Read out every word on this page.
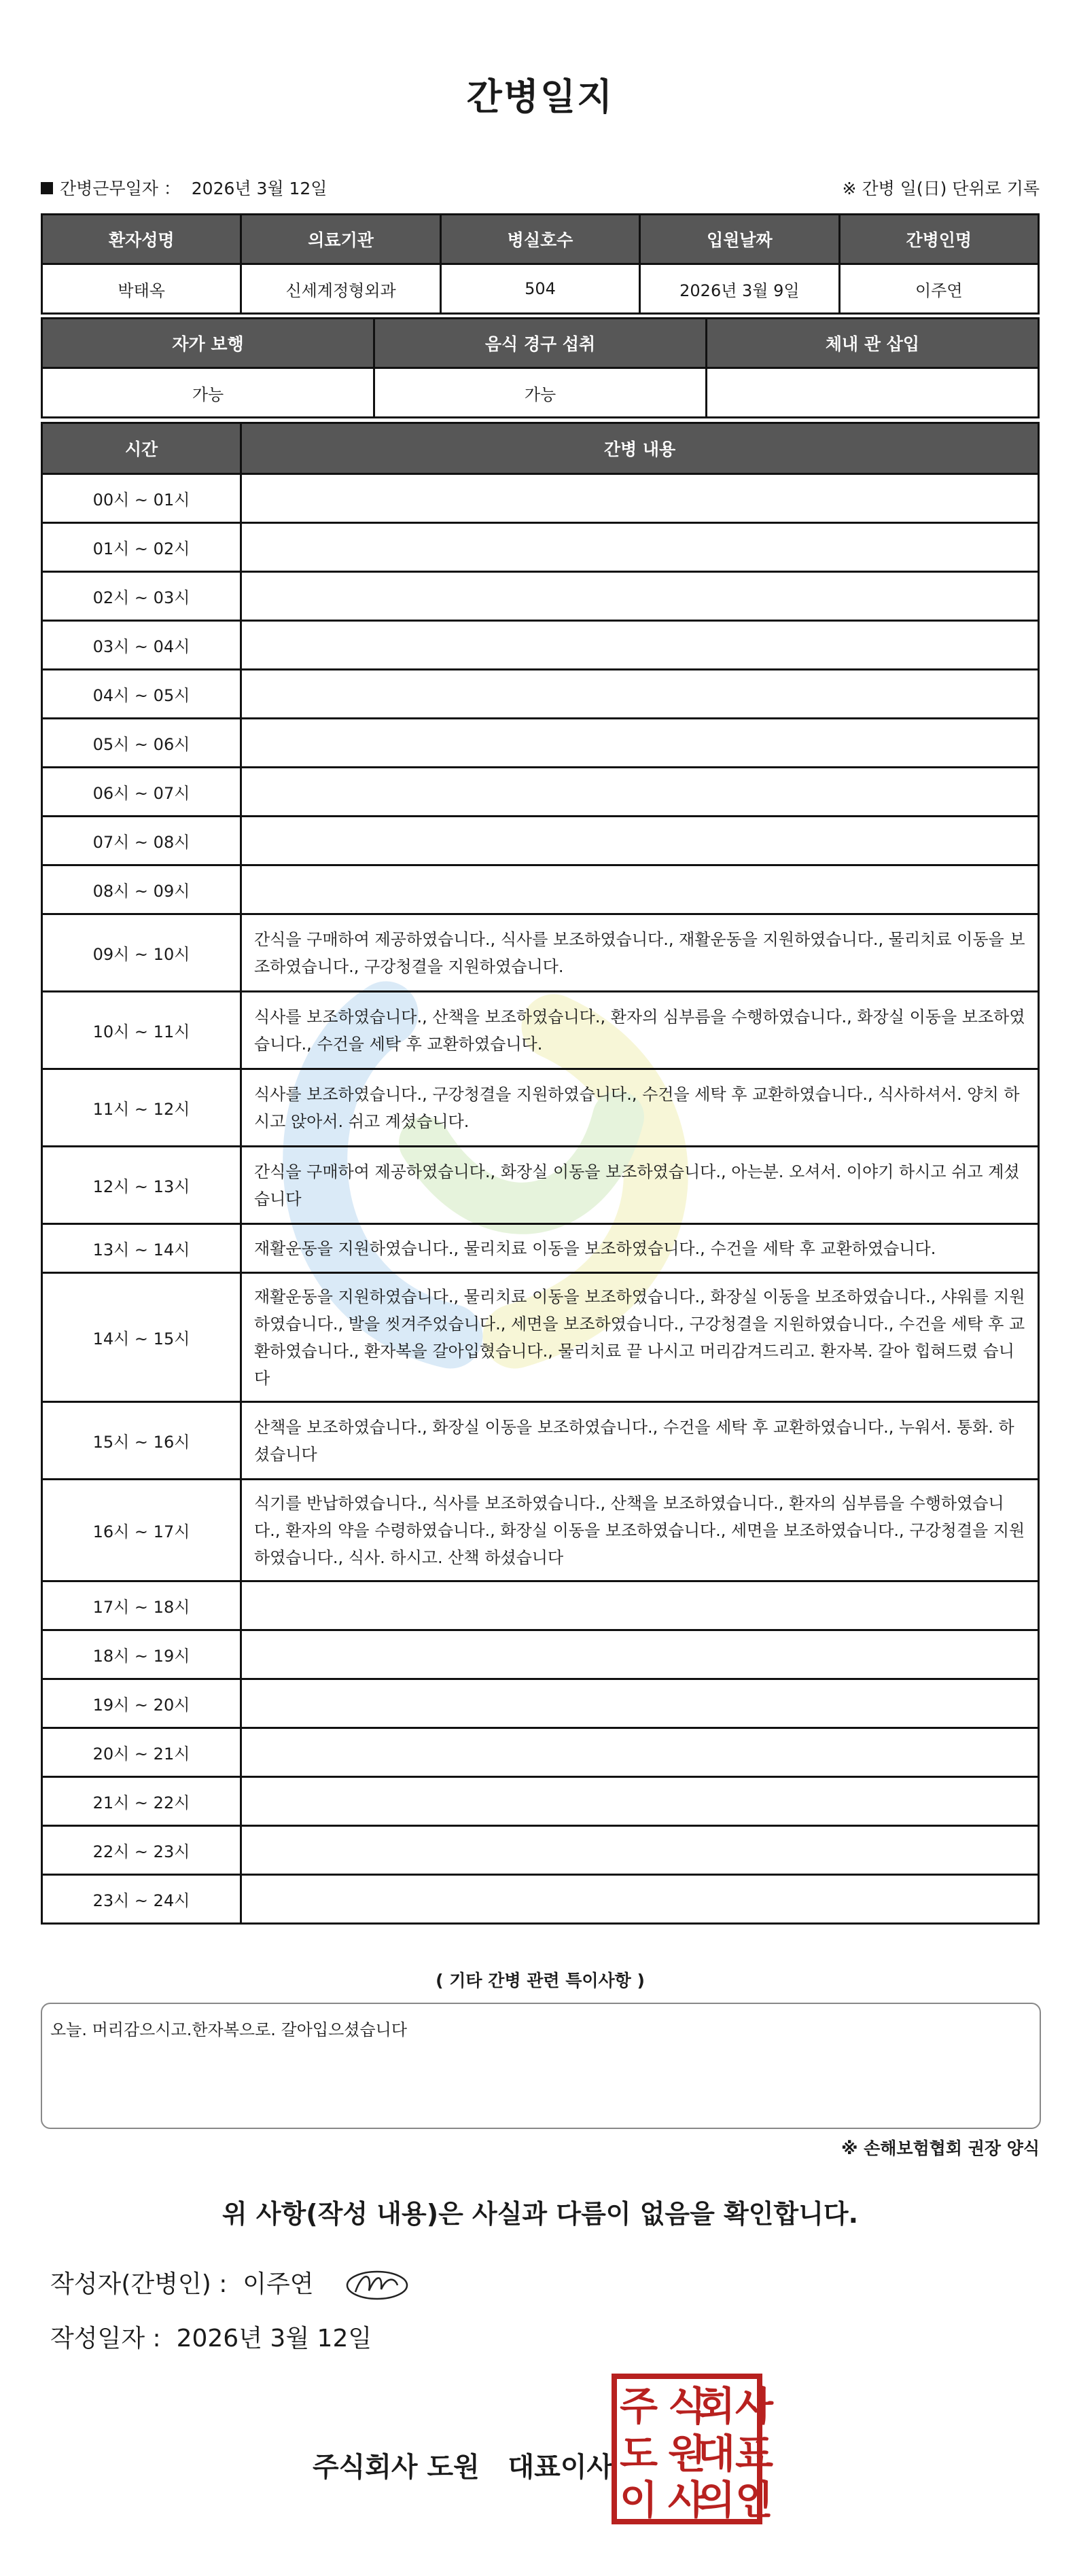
간병일지
간병근무일자 ： 2026년 3월 12일	※ 간병 일(日) 단위로 기록
환자성명	의료기관	병실호수	입원날짜	간병인명
박태옥	신세계정형외과	504	2026년 3월 9일	이주연
자가 보행	음식 경구 섭취	체내 관 삽입
가능	가능	
시간	간병 내용
00시 ~ 01시	
01시 ~ 02시	
02시 ~ 03시	
03시 ~ 04시	
04시 ~ 05시	
05시 ~ 06시	
06시 ~ 07시	
07시 ~ 08시	
08시 ~ 09시	
09시 ~ 10시	간식을 구매하여 제공하였습니다., 식사를 보조하였습니다., 재활운동을 지원하였습니다., 물리치료 이동을 보조하였습니다., 구강청결을 지원하였습니다.
10시 ~ 11시	식사를 보조하였습니다., 산책을 보조하였습니다., 환자의 심부름을 수행하였습니다., 화장실 이동을 보조하였습니다., 수건을 세탁 후 교환하였습니다.
11시 ~ 12시	식사를 보조하였습니다., 구강청결을 지원하였습니다., 수건을 세탁 후 교환하였습니다., 식사하셔서. 양치 하시고 앉아서. 쉬고 계셨습니다.
12시 ~ 13시	간식을 구매하여 제공하였습니다., 화장실 이동을 보조하였습니다., 아는분. 오셔서. 이야기 하시고 쉬고 계셨습니다
13시 ~ 14시	재활운동을 지원하였습니다., 물리치료 이동을 보조하였습니다., 수건을 세탁 후 교환하였습니다.
14시 ~ 15시	재활운동을 지원하였습니다., 물리치료 이동을 보조하였습니다., 화장실 이동을 보조하였습니다., 샤워를 지원하였습니다., 발을 씻겨주었습니다., 세면을 보조하였습니다., 구강청결을 지원하였습니다., 수건을 세탁 후 교환하였습니다., 환자복을 갈아입혔습니다., 물리치료 끝 나시고 머리감겨드리고. 환자복. 갈아 힙혀드렸 습니다
15시 ~ 16시	산책을 보조하였습니다., 화장실 이동을 보조하였습니다., 수건을 세탁 후 교환하였습니다., 누워서. 통화. 하셨습니다
16시 ~ 17시	식기를 반납하였습니다., 식사를 보조하였습니다., 산책을 보조하였습니다., 환자의 심부름을 수행하였습니다., 환자의 약을 수령하였습니다., 화장실 이동을 보조하였습니다., 세면을 보조하였습니다., 구강청결을 지원하였습니다., 식사. 하시고. 산책 하셨습니다
17시 ~ 18시	
18시 ~ 19시	
19시 ~ 20시	
20시 ~ 21시	
21시 ~ 22시	
22시 ~ 23시	
23시 ~ 24시	
( 기타 간병 관련 특이사항 )
오늘. 머리감으시고.한자복으로. 갈아입으셨습니다
※ 손해보험협회 권장 양식
위 사항(작성 내용)은 사실과 다름이 없음을 확인합니다.
작성자(간병인) : 이주연
작성일자 : 2026년 3월 12일
주식회사 도원   대표이사
주 식
회사
도 원
대표
이 사
의인
